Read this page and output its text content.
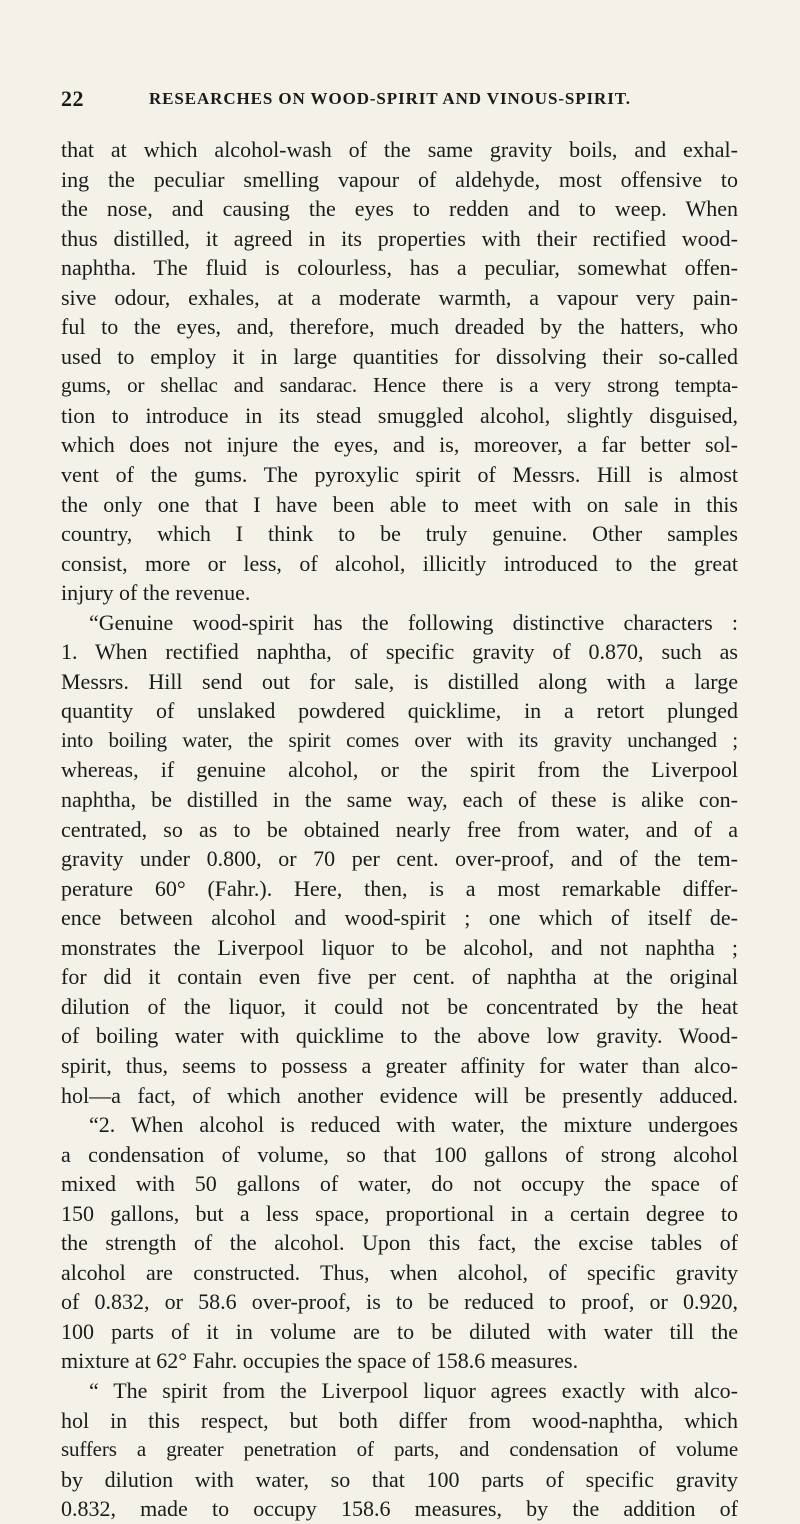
22	RESEARCHES ON WOOD-SPIRIT AND VINOUS-SPIRIT.
that at which alcohol-wash of the same gravity boils, and exhal-
ing the peculiar smelling vapour of aldehyde, most offensive to
the nose, and causing the eyes to redden and to weep. When
thus distilled, it agreed in its properties with their rectified wood-
naphtha. The fluid is colourless, has a peculiar, somewhat offen-
sive odour, exhales, at a moderate warmth, a vapour very pain-
ful to the eyes, and, therefore, much dreaded by the hatters, who
used to employ it in large quantities for dissolving their so-called
gums, or shellac and sandarac. Hence there is a very strong tempta-
tion to introduce in its stead smuggled alcohol, slightly disguised,
which does not injure the eyes, and is, moreover, a far better sol-
vent of the gums. The pyroxylic spirit of Messrs. Hill is almost
the only one that I have been able to meet with on sale in this
country, which I think to be truly genuine. Other samples
consist, more or less, of alcohol, illicitly introduced to the great
injury of the revenue.
“Genuine wood-spirit has the following distinctive characters :
1. When rectified naphtha, of specific gravity of 0.870, such as
Messrs. Hill send out for sale, is distilled along with a large
quantity of unslaked powdered quicklime, in a retort plunged
into boiling water, the spirit comes over with its gravity unchanged ;
whereas, if genuine alcohol, or the spirit from the Liverpool
naphtha, be distilled in the same way, each of these is alike con-
centrated, so as to be obtained nearly free from water, and of a
gravity under 0.800, or 70 per cent. over-proof, and of the tem-
perature 60° (Fahr.). Here, then, is a most remarkable differ-
ence between alcohol and wood-spirit ; one which of itself de-
monstrates the Liverpool liquor to be alcohol, and not naphtha ;
for did it contain even five per cent. of naphtha at the original
dilution of the liquor, it could not be concentrated by the heat
of boiling water with quicklime to the above low gravity. Wood-
spirit, thus, seems to possess a greater affinity for water than alco-
hol—a fact, of which another evidence will be presently adduced.
“2. When alcohol is reduced with water, the mixture undergoes
a condensation of volume, so that 100 gallons of strong alcohol
mixed with 50 gallons of water, do not occupy the space of
150 gallons, but a less space, proportional in a certain degree to
the strength of the alcohol. Upon this fact, the excise tables of
alcohol are constructed. Thus, when alcohol, of specific gravity
of 0.832, or 58.6 over-proof, is to be reduced to proof, or 0.920,
100 parts of it in volume are to be diluted with water till the
mixture at 62° Fahr. occupies the space of 158.6 measures.
“ The spirit from the Liverpool liquor agrees exactly with alco-
hol in this respect, but both differ from wood-naphtha, which
suffers a greater penetration of parts, and condensation of volume
by dilution with water, so that 100 parts of specific gravity
0.832, made to occupy 158.6 measures, by the addition of
